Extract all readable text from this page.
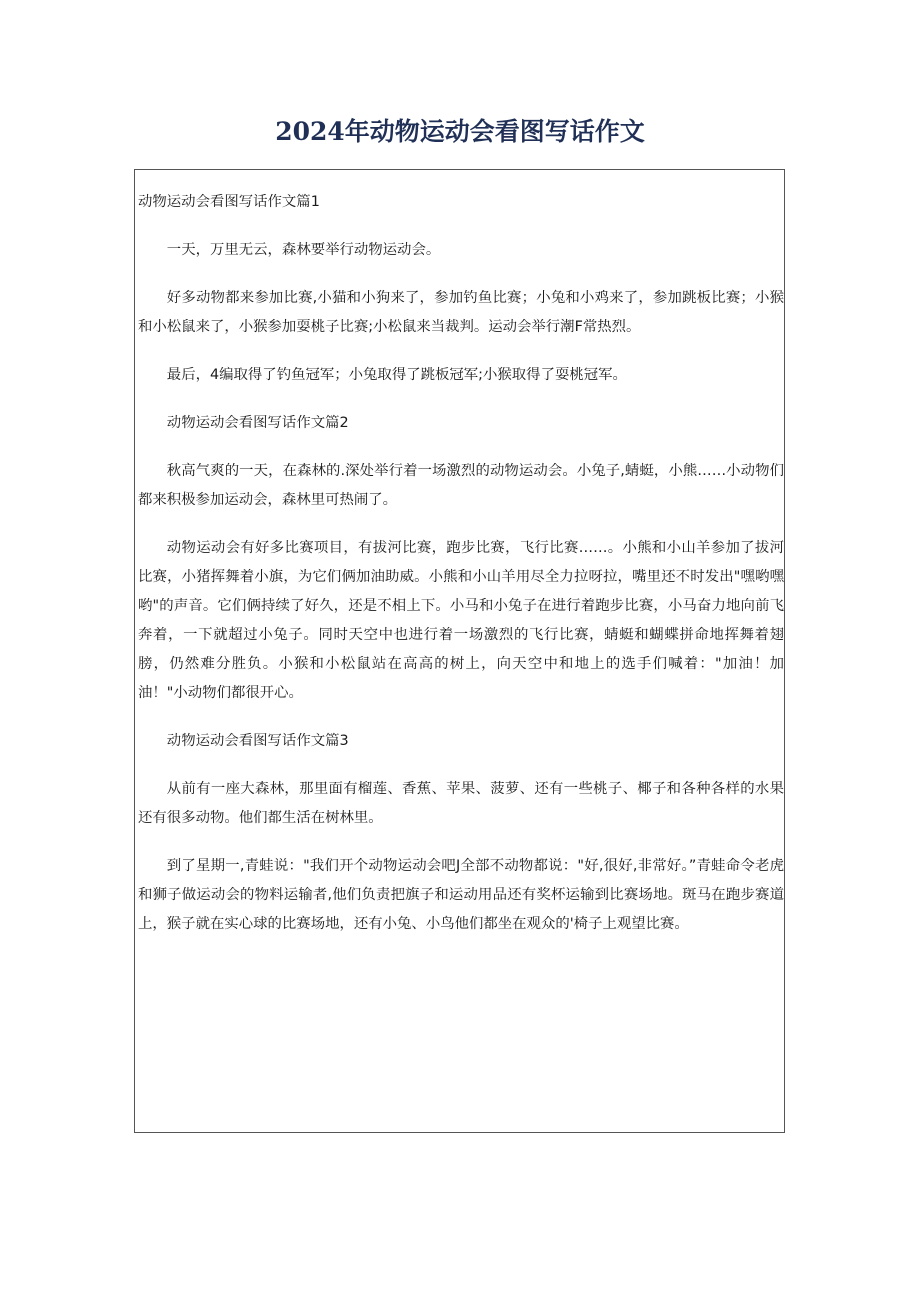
2024年动物运动会看图写话作文

动物运动会看图写话作文篇1

一天，万里无云，森林要举行动物运动会。

好多动物都来参加比赛,小猫和小狗来了，参加钓鱼比赛；小兔和小鸡来了，参加跳板比赛；小猴和小松鼠来了，小猴参加耍桃子比赛;小松鼠来当裁判。运动会举行潮F常热烈。

最后，4编取得了钓鱼冠军；小兔取得了跳板冠军;小猴取得了耍桃冠军。

动物运动会看图写话作文篇2

秋高气爽的一天，在森林的.深处举行着一场激烈的动物运动会。小兔子,蜻蜓，小熊……小动物们都来积极参加运动会，森林里可热闹了。

动物运动会有好多比赛项目，有拔河比赛，跑步比赛，飞行比赛……。小熊和小山羊参加了拔河比赛，小猪挥舞着小旗，为它们俩加油助威。小熊和小山羊用尽全力拉呀拉，嘴里还不时发出"嘿哟嘿哟"的声音。它们俩持续了好久，还是不相上下。小马和小兔子在进行着跑步比赛，小马奋力地向前飞奔着，一下就超过小兔子。同时天空中也进行着一场激烈的飞行比赛，蜻蜓和蝴蝶拼命地挥舞着翅膀，仍然难分胜负。小猴和小松鼠站在高高的树上，向天空中和地上的选手们喊着："加油！加油！"小动物们都很开心。

动物运动会看图写话作文篇3

从前有一座大森林，那里面有榴莲、香蕉、苹果、菠萝、还有一些桃子、椰子和各种各样的水果还有很多动物。他们都生活在树林里。

到了星期一,青蛙说："我们开个动物运动会吧J全部不动物都说："好,很好,非常好。”青蛙命令老虎和狮子做运动会的物料运输者,他们负责把旗子和运动用品还有奖杯运输到比赛场地。斑马在跑步赛道上，猴子就在实心球的比赛场地，还有小兔、小鸟他们都坐在观众的'椅子上观望比赛。
